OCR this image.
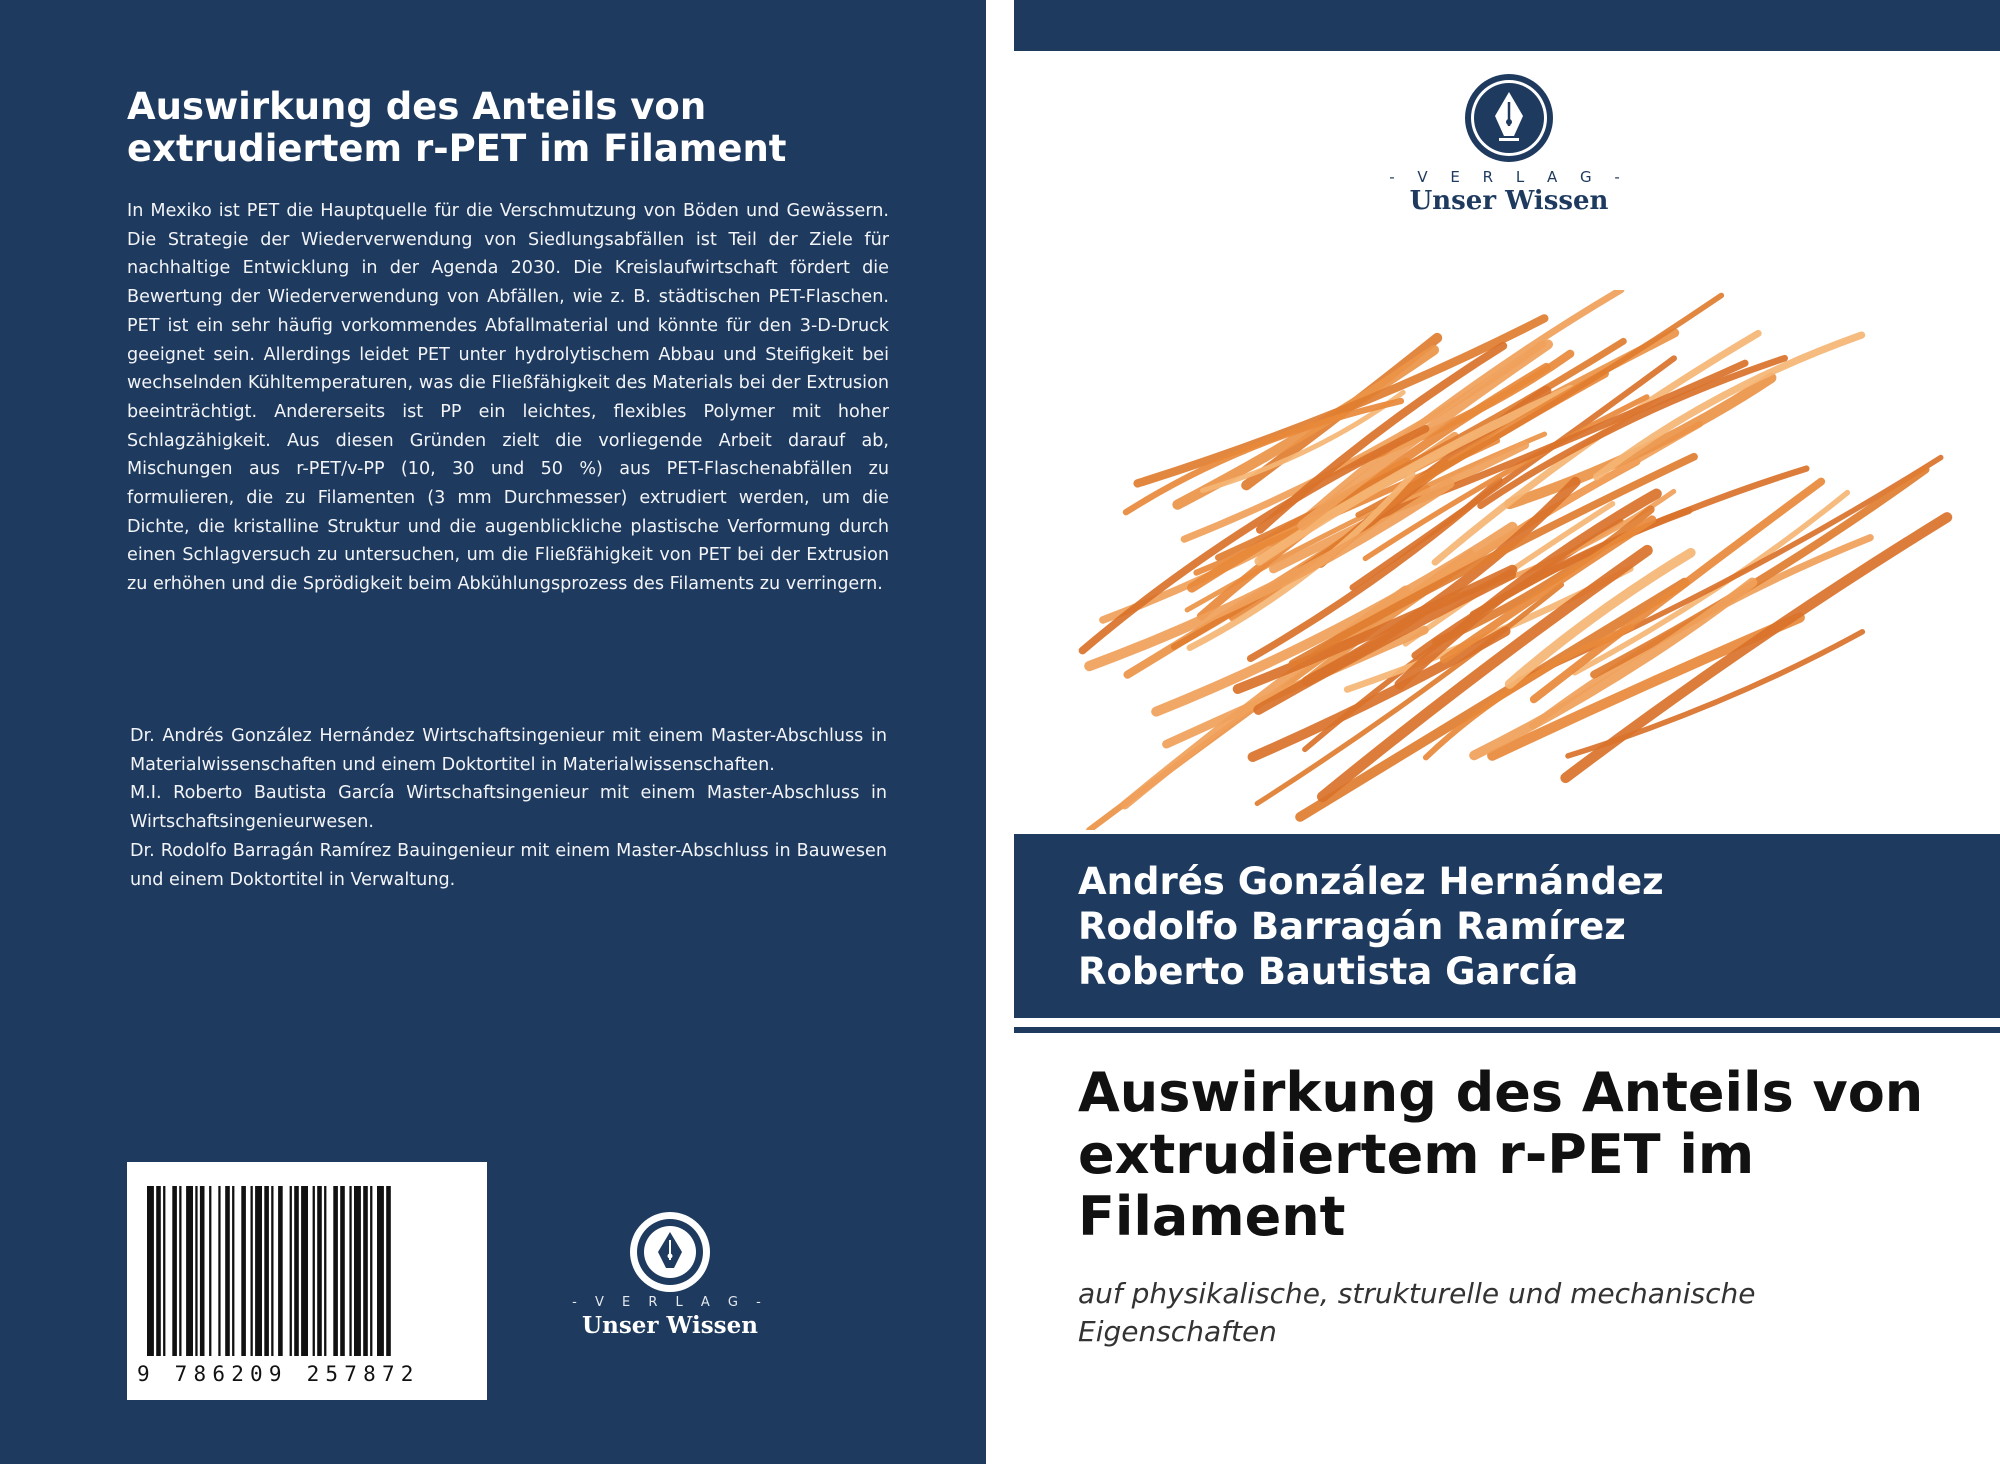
Auswirkung des Anteils von extrudiertem r-PET im Filament

In Mexiko ist PET die Hauptquelle für die Verschmutzung von Böden und Gewässern. Die Strategie der Wiederverwendung von Siedlungsabfällen ist Teil der Ziele für nachhaltige Entwicklung in der Agenda 2030. Die Kreislaufwirtschaft fördert die Bewertung der Wiederverwendung von Abfällen, wie z. B. städtischen PET-Flaschen. PET ist ein sehr häufig vorkommendes Abfallmaterial und könnte für den 3-D-Druck geeignet sein. Allerdings leidet PET unter hydrolytischem Abbau und Steifigkeit bei wechselnden Kühltemperaturen, was die Fließfähigkeit des Materials bei der Extrusion beeinträchtigt. Andererseits ist PP ein leichtes, flexibles Polymer mit hoher Schlagzähigkeit. Aus diesen Gründen zielt die vorliegende Arbeit darauf ab, Mischungen aus r-PET/v-PP (10, 30 und 50 %) aus PET-Flaschenabfällen zu formulieren, die zu Filamenten (3 mm Durchmesser) extrudiert werden, um die Dichte, die kristalline Struktur und die augenblickliche plastische Verformung durch einen Schlagversuch zu untersuchen, um die Fließfähigkeit von PET bei der Extrusion zu erhöhen und die Sprödigkeit beim Abkühlungsprozess des Filaments zu verringern.

Dr. Andrés González Hernández Wirtschaftsingenieur mit einem Master-Abschluss in Materialwissenschaften und einem Doktortitel in Materialwissenschaften.

M.I. Roberto Bautista García Wirtschaftsingenieur mit einem Master-Abschluss in Wirtschaftsingenieurwesen.

Dr. Rodolfo Barragán Ramírez Bauingenieur mit einem Master-Abschluss in Bauwesen und einem Doktortitel in Verwaltung.

9 786209 257872
- V E R L A G -
Unser Wissen
- V E R L A G -
Unser Wissen
Andrés González Hernández
Rodolfo Barragán Ramírez
Roberto Bautista García
Auswirkung des Anteils von extrudiertem r-PET im Filament

auf physikalische, strukturelle und mechanische Eigenschaften
